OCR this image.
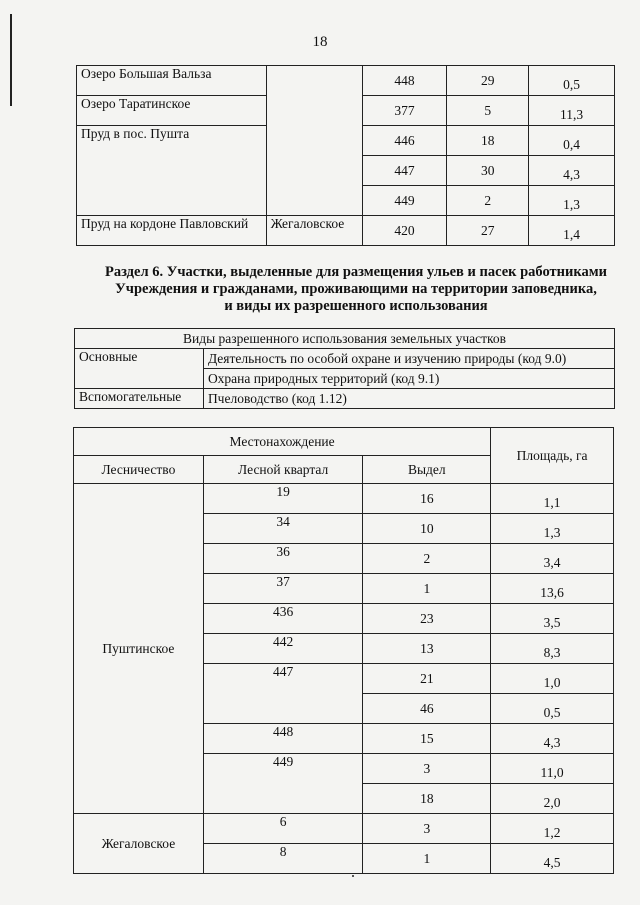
18
Озеро Большая Вальза		448	29	0,5
Озеро Таратинское		377	5	11,3
Пруд в пос. Пушта		446	18	0,4
		447	30	4,3
		449	2	1,3
Пруд на кордоне Павловский	Жегаловское	420	27	1,4
Раздел 6. Участки, выделенные для размещения ульев и пасек работниками
Учреждения и гражданами, проживающими на территории заповедника,
и виды их разрешенного использования
Виды разрешенного использования земельных участков	
Основные	Деятельность по особой охране и изучению природы (код 9.0)
	Охрана природных территорий (код 9.1)
Вспомогательные	Пчеловодство (код 1.12)
Местонахождение			Площадь, га
Лесничество	Лесной квартал	Выдел	
Пуштинское	19	16	1,1
	34	10	1,3
	36	2	3,4
	37	1	13,6
	436	23	3,5
	442	13	8,3
	447	21	1,0
		46	0,5
	448	15	4,3
	449	3	11,0
		18	2,0
Жегаловское	6	3	1,2
	8	1	4,5
